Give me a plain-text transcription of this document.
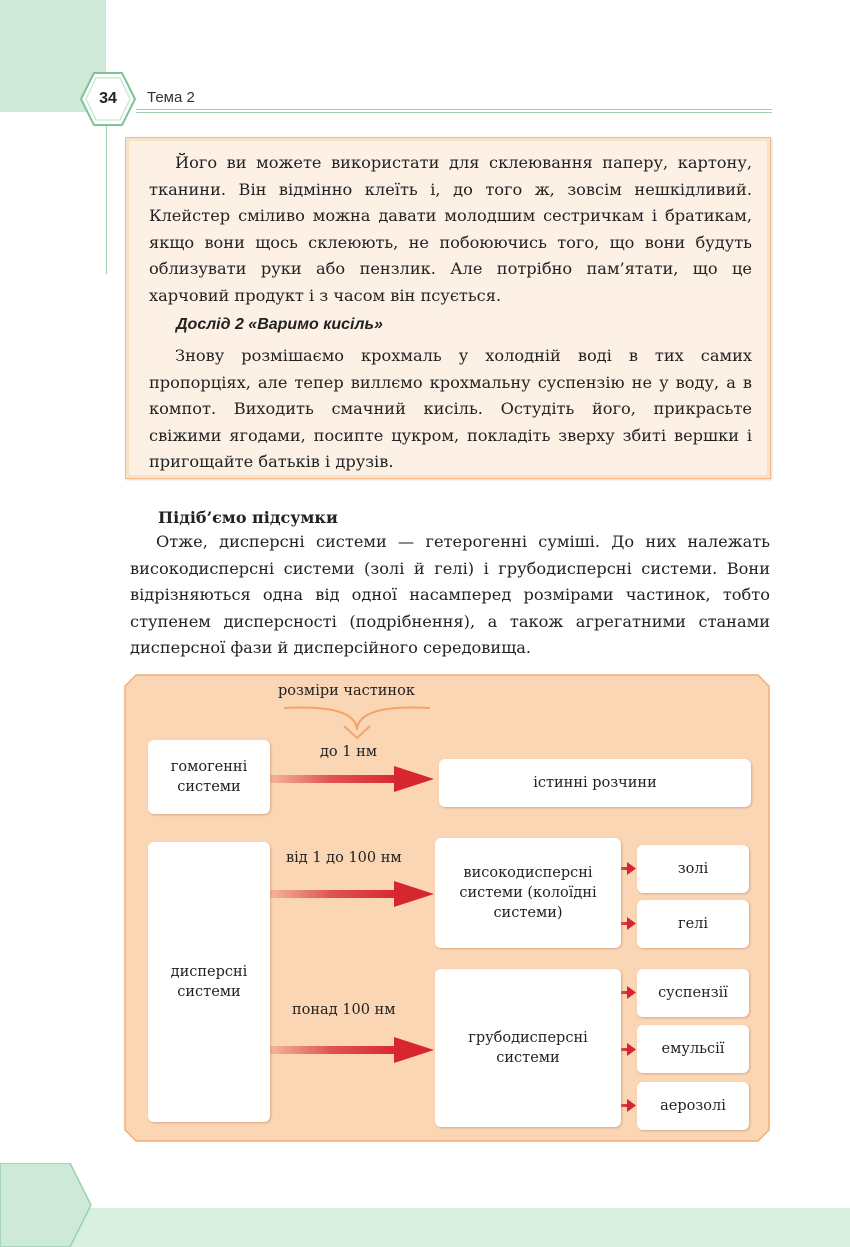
34	Тема 2

Його ви можете використати для склеювання паперу, картону, тканини. Він відмінно клеїть і, до того ж, зовсім нешкідливий. Клейстер сміливо можна давати молодшим сестричкам і братикам, якщо вони щось склеюють, не побоюючись того, що вони будуть облизувати руки або пензлик. Але потрібно пам’ятати, що це харчовий продукт і з часом він псується.

Дослід 2 «Варимо кисіль»

Знову розмішаємо крохмаль у холодній воді в тих самих пропорціях, але тепер виллємо крохмальну суспензію не у воду, а в компот. Виходить смачний кисіль. Остудіть його, прикрасьте свіжими ягодами, посипте цукром, покладіть зверху збиті вершки і пригощайте батьків і друзів.

Підіб’ємо підсумки

Отже, дисперсні системи — гетерогенні суміші. До них належать високодисперсні системи (золі й гелі) і грубодисперсні системи. Вони відрізняються одна від одної насамперед розмірами частинок, тобто ступенем дисперсності (подрібнення), а також агрегатними станами дисперсної фази й дисперсійного середовища.

розміри частинок
до 1 нм
від 1 до 100 нм
понад 100 нм
гомогенні системи
дисперсні системи
істинні розчини
високодисперсні системи (колоїдні системи)
грубодисперсні системи
золі
гелі
суспензії
емульсії
аерозолі
